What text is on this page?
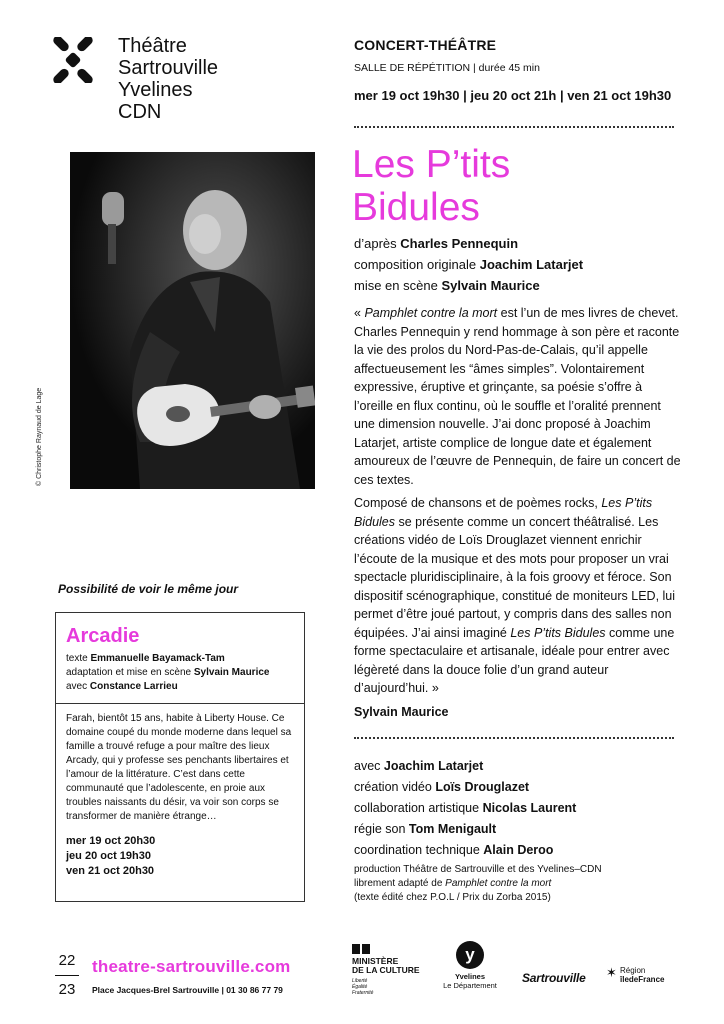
Théâtre
Sartrouville
Yvelines
CDN
CONCERT-THÉÂTRE
SALLE DE RÉPÉTITION | durée 45 min
mer 19 oct 19h30 | jeu 20 oct 21h | ven 21 oct 19h30
Les P’tits
Bidules
d’après Charles Pennequin
composition originale Joachim Latarjet
mise en scène Sylvain Maurice
© Christophe Raynaud de Lage

« Pamphlet contre la mort est l’un de mes livres de chevet. Charles Pennequin y rend hommage à son père et raconte la vie des prolos du Nord-Pas-de-Calais, qu’il appelle affectueusement les “âmes simples”. Volontairement expressive, éruptive et grinçante, sa poésie s’offre à l’oreille en flux continu, où le souffle et l’oralité prennent une dimension nouvelle. J’ai donc proposé à Joachim Latarjet, artiste complice de longue date et également amoureux de l’œuvre de Pennequin, de faire un concert de ces textes.

Composé de chansons et de poèmes rocks, Les P’tits Bidules se présente comme un concert théâtralisé. Les créations vidéo de Loïs Drouglazet viennent enrichir l’écoute de la musique et des mots pour proposer un vrai spectacle pluridisciplinaire, à la fois groovy et féroce. Son dispositif scénographique, constitué de moniteurs LED, lui permet d’être joué partout, y compris dans des salles non équipées. J’ai ainsi imaginé Les P’tits Bidules comme une forme spectaculaire et artisanale, idéale pour entrer avec légèreté dans la douce folie d’un grand auteur d’aujourd’hui. »

Sylvain Maurice
avec Joachim Latarjet
création vidéo Loïs Drouglazet
collaboration artistique Nicolas Laurent
régie son Tom Menigault
coordination technique Alain Deroo
production Théâtre de Sartrouville et des Yvelines–CDN
librement adapté de Pamphlet contre la mort
(texte édité chez P.O.L / Prix du Zorba 2015)
Possibilité de voir le même jour
Arcadie
texte Emmanuelle Bayamack-Tam
adaptation et mise en scène Sylvain Maurice
avec Constance Larrieu
Farah, bientôt 15 ans, habite à Liberty House. Ce domaine coupé du monde moderne dans lequel sa famille a trouvé refuge a pour maître des lieux Arcady, qui y professe ses penchants libertaires et l’amour de la littérature. C’est dans cette communauté que l’adolescente, en proie aux troubles naissants du désir, va voir son corps se transformer de manière étrange…
mer 19 oct 20h30
jeu 20 oct 19h30
ven 21 oct 20h30
22
23
theatre-sartrouville.com
Place Jacques-Brel Sartrouville | 01 30 86 77 79
MINISTÈRE
DE LA CULTURE
Liberté
Égalité
Fraternité
y
Yvelines
Le Département
Sartrouville ✶ Région
îledeFrance
